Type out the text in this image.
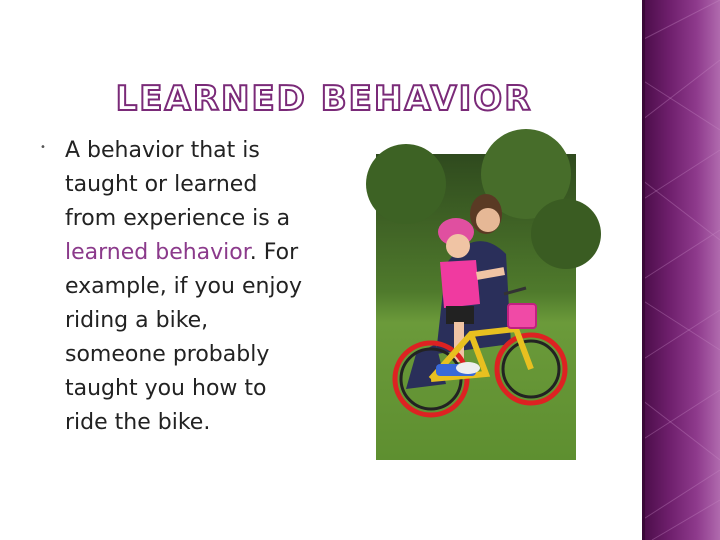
LEARNED BEHAVIOR
• A behavior that is taught or learned from experience is a learned behavior. For example, if you enjoy riding a bike, someone probably taught you how to ride the bike.
